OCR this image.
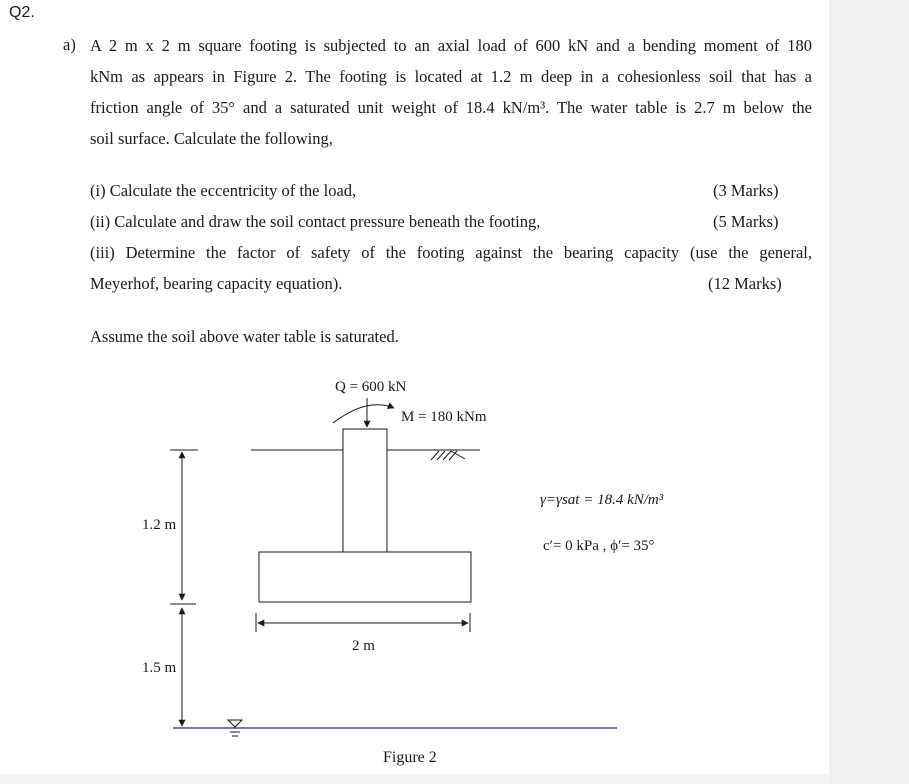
Q2.
a) A 2 m x 2 m square footing is subjected to an axial load of 600 kN and a bending moment of 180
kNm as appears in Figure 2. The footing is located at 1.2 m deep in a cohesionless soil that has a
friction angle of 35° and a saturated unit weight of 18.4 kN/m³. The water table is 2.7 m below the
soil surface. Calculate the following,
(i) Calculate the eccentricity of the load,	(3 Marks)
(ii) Calculate and draw the soil contact pressure beneath the footing,	(5 Marks)
(iii) Determine the factor of safety of the footing against the bearing capacity (use the general,
Meyerhof, bearing capacity equation).	(12 Marks)
Assume the soil above water table is saturated.
Q = 600 kN
M = 180 kNm
1.2 m
1.5 m
2 m
γ=γsat = 18.4 kN/m³
c′= 0 kPa , ϕ′= 35°
Figure 2
